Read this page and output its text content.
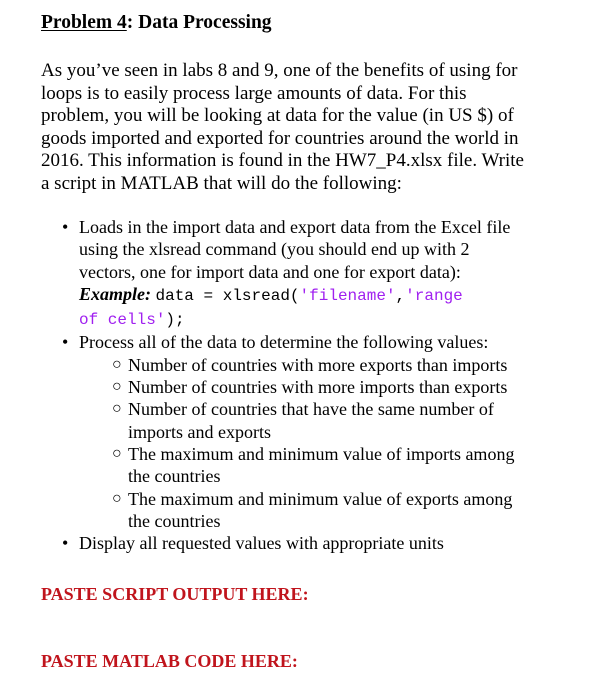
Problem 4: Data Processing
As you’ve seen in labs 8 and 9, one of the benefits of using for
loops is to easily process large amounts of data. For this
problem, you will be looking at data for the value (in US $) of
goods imported and exported for countries around the world in
2016. This information is found in the HW7_P4.xlsx file. Write
a script in MATLAB that will do the following:
• Loads in the import data and export data from the Excel file
using the xlsread command (you should end up with 2
vectors, one for import data and one for export data):
Example: data = xlsread('filename','range
of cells');
• Process all of the data to determine the following values:
○ Number of countries with more exports than imports
○ Number of countries with more imports than exports
○ Number of countries that have the same number of
imports and exports
○ The maximum and minimum value of imports among
the countries
○ The maximum and minimum value of exports among
the countries
• Display all requested values with appropriate units
PASTE SCRIPT OUTPUT HERE:
PASTE MATLAB CODE HERE:
